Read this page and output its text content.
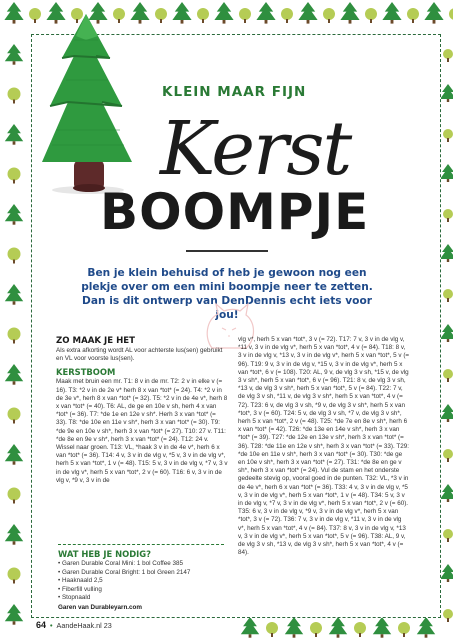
KLEIN MAAR FIJN
Kerst
BOOMPJE
Ben je klein behuisd of heb je gewoon nog een plekje over om een mini boompje neer te zetten. Dan is dit ontwerp van DenDennis echt iets voor jou!
ZO MAAK JE HET
Als extra afkorting wordt AL voor achterste lus(sen) gebruikt en VL voor voorste lus(sen).
KERSTBOOM
Maak met bruin een mr. T1: 8 v in de mr. T2: 2 v in elke v (= 16). T3: *2 v in de 2e v* herh 8 x van *tot* (= 24). T4: *2 v in de 3e v*, herh 8 x van *tot* (= 32). T5: *2 v in de 4e v*, herh 8 x van *tot* (= 40). T6: AL, de ge en 10e v sh, herh 4 x van *tot* (= 36). T7: *de 1e en 12e v sh*. Herh 3 x van *tot* (= 33). T8: *de 10e en 11e v sh*, herh 3 x van *tot* (= 30). T9: *de 9e en 10e v sh*, herh 3 x van *tot* (= 27). T10: 27 v. T11: *de 8e en 9e v sh*, herh 3 x van *tot* (= 24). T12: 24 v. Wissel naar groen. T13: VL, *haak 3 v in de 4e v*, herh 6 x van *tot* (= 36). T14: 4 v, 3 v in de vlg v, *5 v, 3 v in de vlg v*, herh 5 x van *tot*, 1 v (= 48). T15: 5 v, 3 v in de vlg v, *7 v, 3 v in de vlg v*, herh 5 x van *tot*, 2 v (= 60). T16: 6 v, 3 v in de vlg v, *9 v, 3 v in de
vlg v*, herh 5 x van *tot*, 3 v (= 72). T17: 7 v, 3 v in de vlg v, *11 v, 3 v in de vlg v*, herh 5 x van *tot*, 4 v (= 84). T18: 8 v, 3 v in de vlg v, *13 v, 3 v in de vlg v*, herh 5 x van *tot*, 5 v (= 96). T19: 9 v, 3 v in de vlg v, *15 v, 3 v in de vlg v*, herh 5 x van *tot*, 6 v (= 108). T20: AL, 9 v, de vlg 3 v sh, *15 v, de vlg 3 v sh*, herh 5 x van *tot*, 6 v (= 96). T21: 8 v, de vlg 3 v sh, *13 v, de vlg 3 v sh*, herh 5 x van *tot*, 5 v (= 84). T22: 7 v, de vlg 3 v sh, *11 v, de vlg 3 v sh*, herh 5 x van *tot*, 4 v (= 72). T23: 6 v, de vlg 3 v sh, *9 v, de vlg 3 v sh*, herh 5 x van *tot*, 3 v (= 60). T24: 5 v, de vlg 3 v sh, *7 v, de vlg 3 v sh*, herh 5 x van *tot*, 2 v (= 48). T25: *de 7e en 8e v sh*, herh 6 x van *tot* (= 42). T26: *de 13e en 14e v sh*, herh 3 x van *tot* (= 39). T27: *de 12e en 13e v sh*, herh 3 x van *tot* (= 36). T28: *de 11e en 12e v sh*, herh 3 x van *tot* (= 33). T29: *de 10e en 11e v sh*, herh 3 x van *tot* (= 30). T30: *de ge en 10e v sh*, herh 3 x van *tot* (= 27). T31: *de 8e en ge v sh*, herh 3 x van *tot* (= 24). Vul de stam en het onderste gedeelte stevig op, vooral goed in de punten. T32: VL, *3 v in de 4e v*, herh 6 x van *tot* (= 36). T33: 4 v, 3 v in de vlg v, *5 v, 3 v in de vlg v*, herh 5 x van *tot*, 1 v (= 48). T34: 5 v, 3 v in de vlg v, *7 v, 3 v in de vlg v*, herh 5 x van *tot*, 2 v (= 60). T35: 6 v, 3 v in de vlg v, *9 v, 3 v in de vlg v*, herh 5 x van *tot*, 3 v (= 72). T36: 7 v, 3 v in de vlg v, *11 v, 3 v in de vlg v*, herh 5 x van *tot*, 4 v (= 84). T37: 8 v, 3 v in de vlg v, *13 v, 3 v in de vlg v*, herh 5 x van *tot*, 5 v (= 96). T38: AL, 9 v, de vlg 3 v sh, *13 v, de vlg 3 v sh*, herh 5 x van *tot*, 4 v (= 84).
WAT HEB JE NODIG?
• Garen Durable Coral Mini: 1 bol Coffee 385
• Garen Durable Coral Bright: 1 bol Green 2147
• Haaknaald 2,5
• Fiberfill vulling
• Stopnaald
Garen van Durableyarn.com
64 • AandeHaak.nl 23
